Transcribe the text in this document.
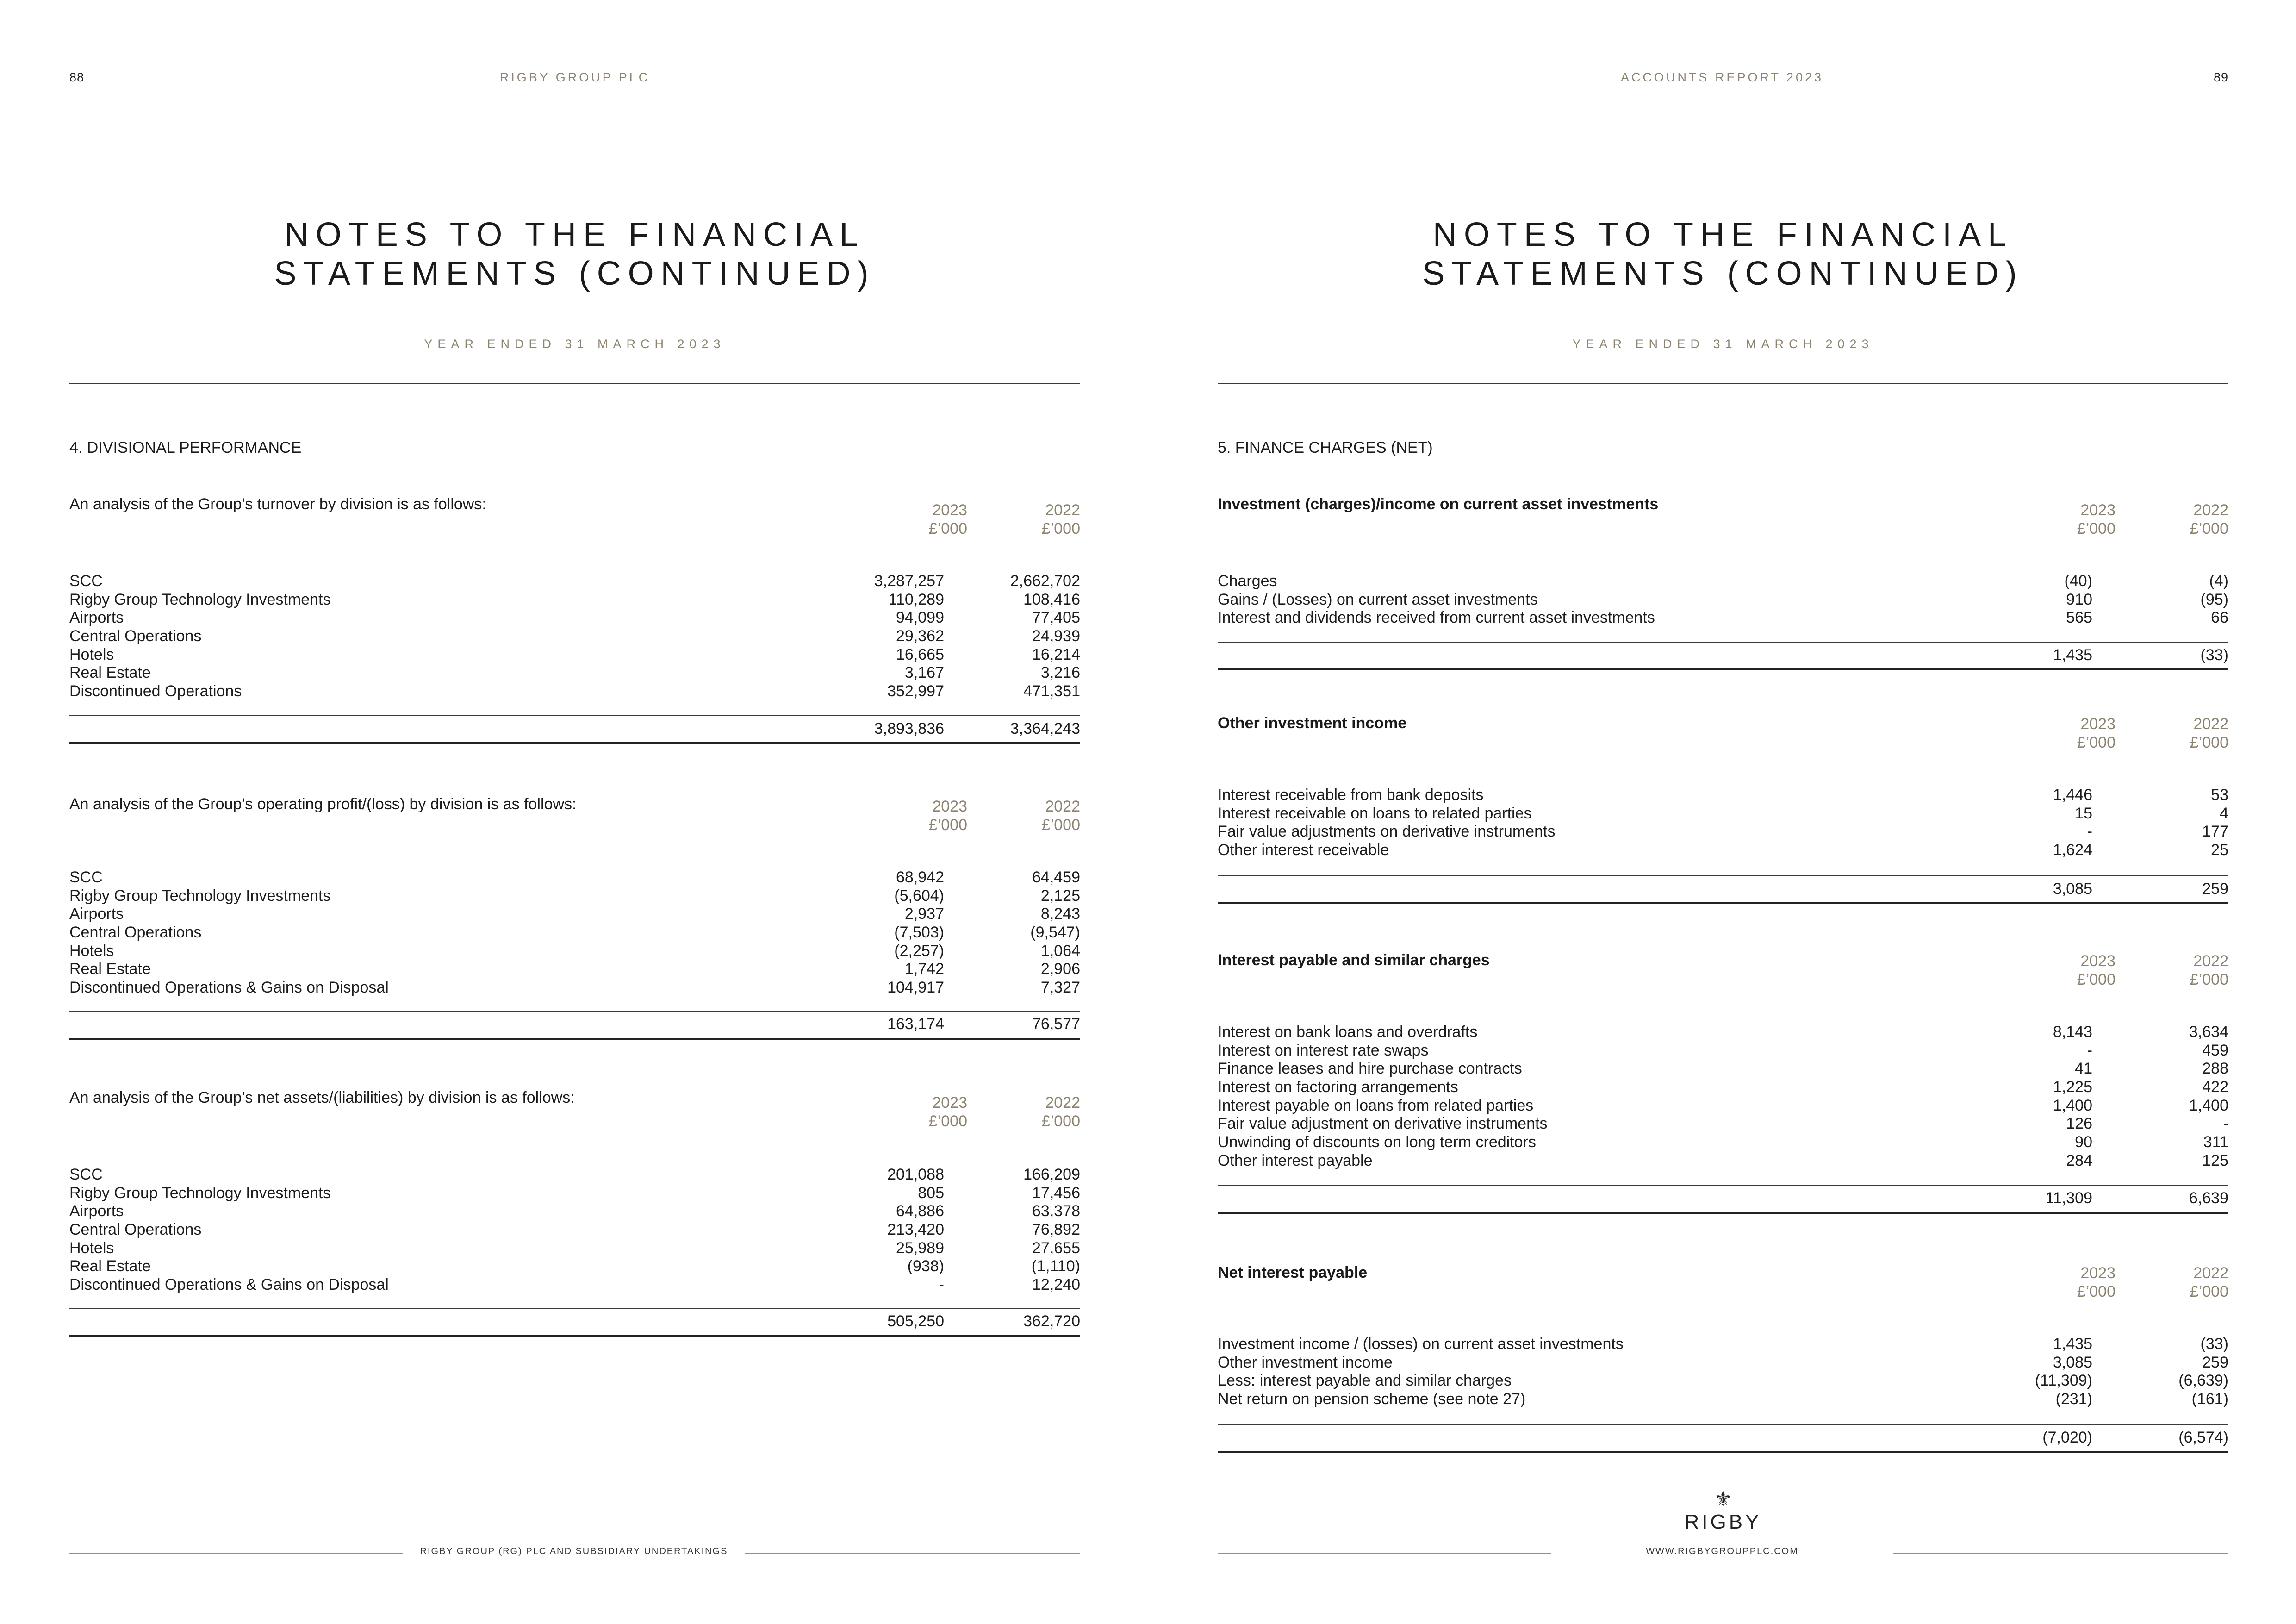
88	RIGBY GROUP PLC
NOTES TO THE FINANCIAL
STATEMENTS (CONTINUED)
YEAR ENDED 31 MARCH 2023
4. DIVISIONAL PERFORMANCE
An analysis of the Group’s turnover by division is as follows:	2023
£’000
2022
£’000
SCC	3,287,257	2,662,702
Rigby Group Technology Investments	110,289	108,416
Airports	94,099	77,405
Central Operations	29,362	24,939
Hotels	16,665	16,214
Real Estate	3,167	3,216
Discontinued Operations	352,997	471,351
3,893,836	3,364,243
An analysis of the Group’s operating profit/(loss) by division is as follows:	2023
£’000
2022
£’000
SCC	68,942	64,459
Rigby Group Technology Investments	(5,604)	2,125
Airports	2,937	8,243
Central Operations	(7,503)	(9,547)
Hotels	(2,257)	1,064
Real Estate	1,742	2,906
Discontinued Operations & Gains on Disposal	104,917	7,327
163,174	76,577
An analysis of the Group’s net assets/(liabilities) by division is as follows:	2023
£’000
2022
£’000
SCC	201,088	166,209
Rigby Group Technology Investments	805	17,456
Airports	64,886	63,378
Central Operations	213,420	76,892
Hotels	25,989	27,655
Real Estate	(938)	(1,110)
Discontinued Operations & Gains on Disposal	-	12,240
505,250	362,720
RIGBY GROUP (RG) PLC AND SUBSIDIARY UNDERTAKINGS
ACCOUNTS REPORT 2023	89
NOTES TO THE FINANCIAL
STATEMENTS (CONTINUED)
YEAR ENDED 31 MARCH 2023
5. FINANCE CHARGES (NET)
Investment (charges)/income on current asset investments	2023
£’000
2022
£’000
Charges	(40)	(4)
Gains / (Losses) on current asset investments	910	(95)
Interest and dividends received from current asset investments	565	66
1,435	(33)
Other investment income	2023
£’000
2022
£’000
Interest receivable from bank deposits	1,446	53
Interest receivable on loans to related parties	15	4
Fair value adjustments on derivative instruments	-	177
Other interest receivable	1,624	25
3,085	259
Interest payable and similar charges	2023
£’000
2022
£’000
Interest on bank loans and overdrafts	8,143	3,634
Interest on interest rate swaps	-	459
Finance leases and hire purchase contracts	41	288
Interest on factoring arrangements	1,225	422
Interest payable on loans from related parties	1,400	1,400
Fair value adjustment on derivative instruments	126	-
Unwinding of discounts on long term creditors	90	311
Other interest payable	284	125
11,309	6,639
Net interest payable	2023
£’000
2022
£’000
Investment income / (losses) on current asset investments	1,435	(33)
Other investment income	3,085	259
Less: interest payable and similar charges	(11,309)	(6,639)
Net return on pension scheme (see note 27)	(231)	(161)
(7,020)	(6,574)
⚜
RIGBY
WWW.RIGBYGROUPPLC.COM
